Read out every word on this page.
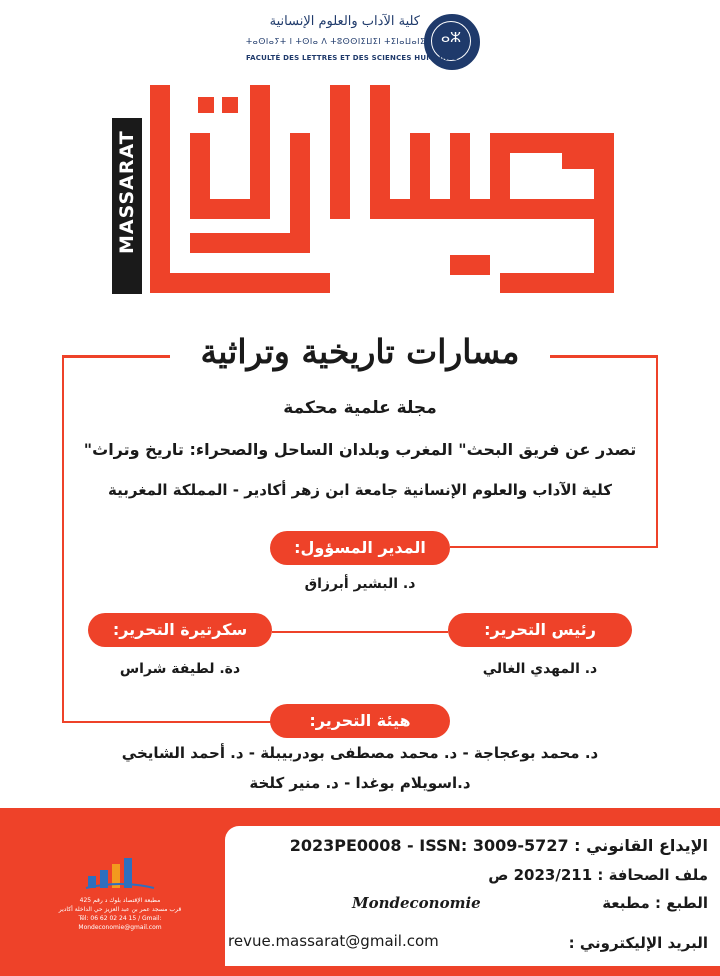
ⴰⵣ
كلية الآداب والعلوم الإنسانية
ⵜⴰⵙⵏⴰⵢⵜ ⵏ ⵜⵙⵏⴰ ⴷ ⵜⵓⵙⵙⵏⵉⵡⵉⵏ ⵜⵉⵏⴰⵡⴰⵏⵉⵏ
FACULTÉ DES LETTRES ET DES SCIENCES HUMAINES
MASSARAT
مسارات تاريخية وتراثية
مجلة علمية محكمة
تصدر عن فريق البحث" المغرب وبلدان الساحل والصحراء: تاريخ وتراث"
كلية الآداب والعلوم الإنسانية جامعة ابن زهر أكادير - المملكة المغربية
المدير المسؤول:
د. البشير أبرزاق
رئيس التحرير:
د. المهدي الغالي
سكرتيرة التحرير:
دة. لطيفة شراس
هيئة التحرير:
د. محمد بوعجاجة - د. محمد مصطفى بودربيبلة - د. أحمد الشايخي
د.اسويلام بوغدا - د. منير كلخة
مطبعة الإقتصاد بلوك د رقم 425
قرب مسجد عمر بن عبد العزيز حي الداخلة أكادير
Tél: 06 62 02 24 15 / Gmail: Mondeconomie@gmail.com
الإيداع القانوني : 2023PE0008 - ISSN: 3009-5727
ملف الصحافة : 2023/211 ص
الطبع : مطبعة
Mondeconomie
البريد الإليكتروني :
revue.massarat@gmail.com
